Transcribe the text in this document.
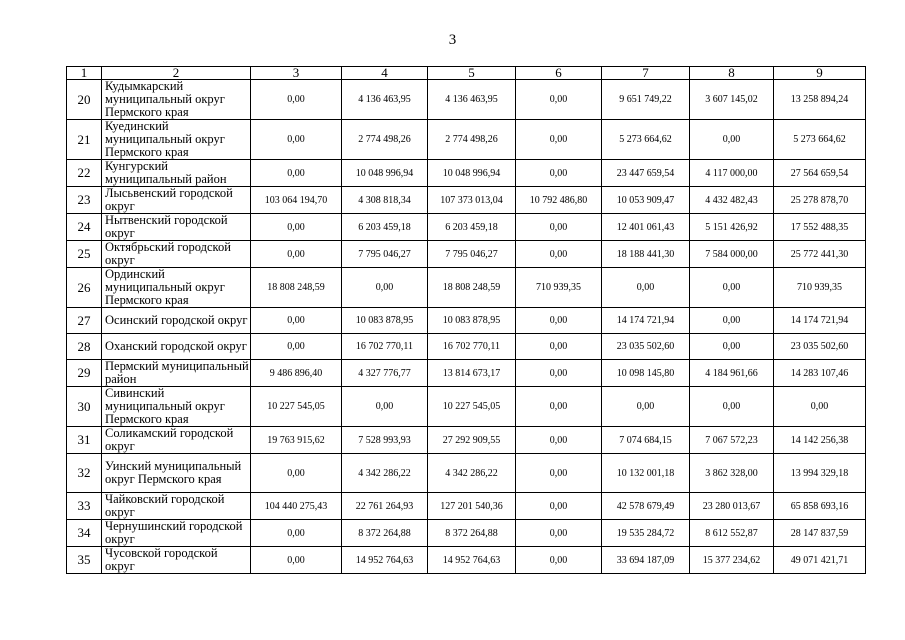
3
1	2	3	4	5	6	7	8	9
20	Кудымкарский муниципальный округ Пермского края	0,00	4 136 463,95	4 136 463,95	0,00	9 651 749,22	3 607 145,02	13 258 894,24
21	Куединский муниципальный округ Пермского края	0,00	2 774 498,26	2 774 498,26	0,00	5 273 664,62	0,00	5 273 664,62
22	Кунгурский муниципальный район	0,00	10 048 996,94	10 048 996,94	0,00	23 447 659,54	4 117 000,00	27 564 659,54
23	Лысьвенский городской округ	103 064 194,70	4 308 818,34	107 373 013,04	10 792 486,80	10 053 909,47	4 432 482,43	25 278 878,70
24	Нытвенский городской округ	0,00	6 203 459,18	6 203 459,18	0,00	12 401 061,43	5 151 426,92	17 552 488,35
25	Октябрьский городской округ	0,00	7 795 046,27	7 795 046,27	0,00	18 188 441,30	7 584 000,00	25 772 441,30
26	Ординский муниципальный округ Пермского края	18 808 248,59	0,00	18 808 248,59	710 939,35	0,00	0,00	710 939,35
27	Осинский городской округ	0,00	10 083 878,95	10 083 878,95	0,00	14 174 721,94	0,00	14 174 721,94
28	Оханский городской округ	0,00	16 702 770,11	16 702 770,11	0,00	23 035 502,60	0,00	23 035 502,60
29	Пермский муниципальный район	9 486 896,40	4 327 776,77	13 814 673,17	0,00	10 098 145,80	4 184 961,66	14 283 107,46
30	Сивинский муниципальный округ Пермского края	10 227 545,05	0,00	10 227 545,05	0,00	0,00	0,00	0,00
31	Соликамский городской округ	19 763 915,62	7 528 993,93	27 292 909,55	0,00	7 074 684,15	7 067 572,23	14 142 256,38
32	Уинский муниципальный округ Пермского края	0,00	4 342 286,22	4 342 286,22	0,00	10 132 001,18	3 862 328,00	13 994 329,18
33	Чайковский городской округ	104 440 275,43	22 761 264,93	127 201 540,36	0,00	42 578 679,49	23 280 013,67	65 858 693,16
34	Чернушинский городской округ	0,00	8 372 264,88	8 372 264,88	0,00	19 535 284,72	8 612 552,87	28 147 837,59
35	Чусовской городской округ	0,00	14 952 764,63	14 952 764,63	0,00	33 694 187,09	15 377 234,62	49 071 421,71
